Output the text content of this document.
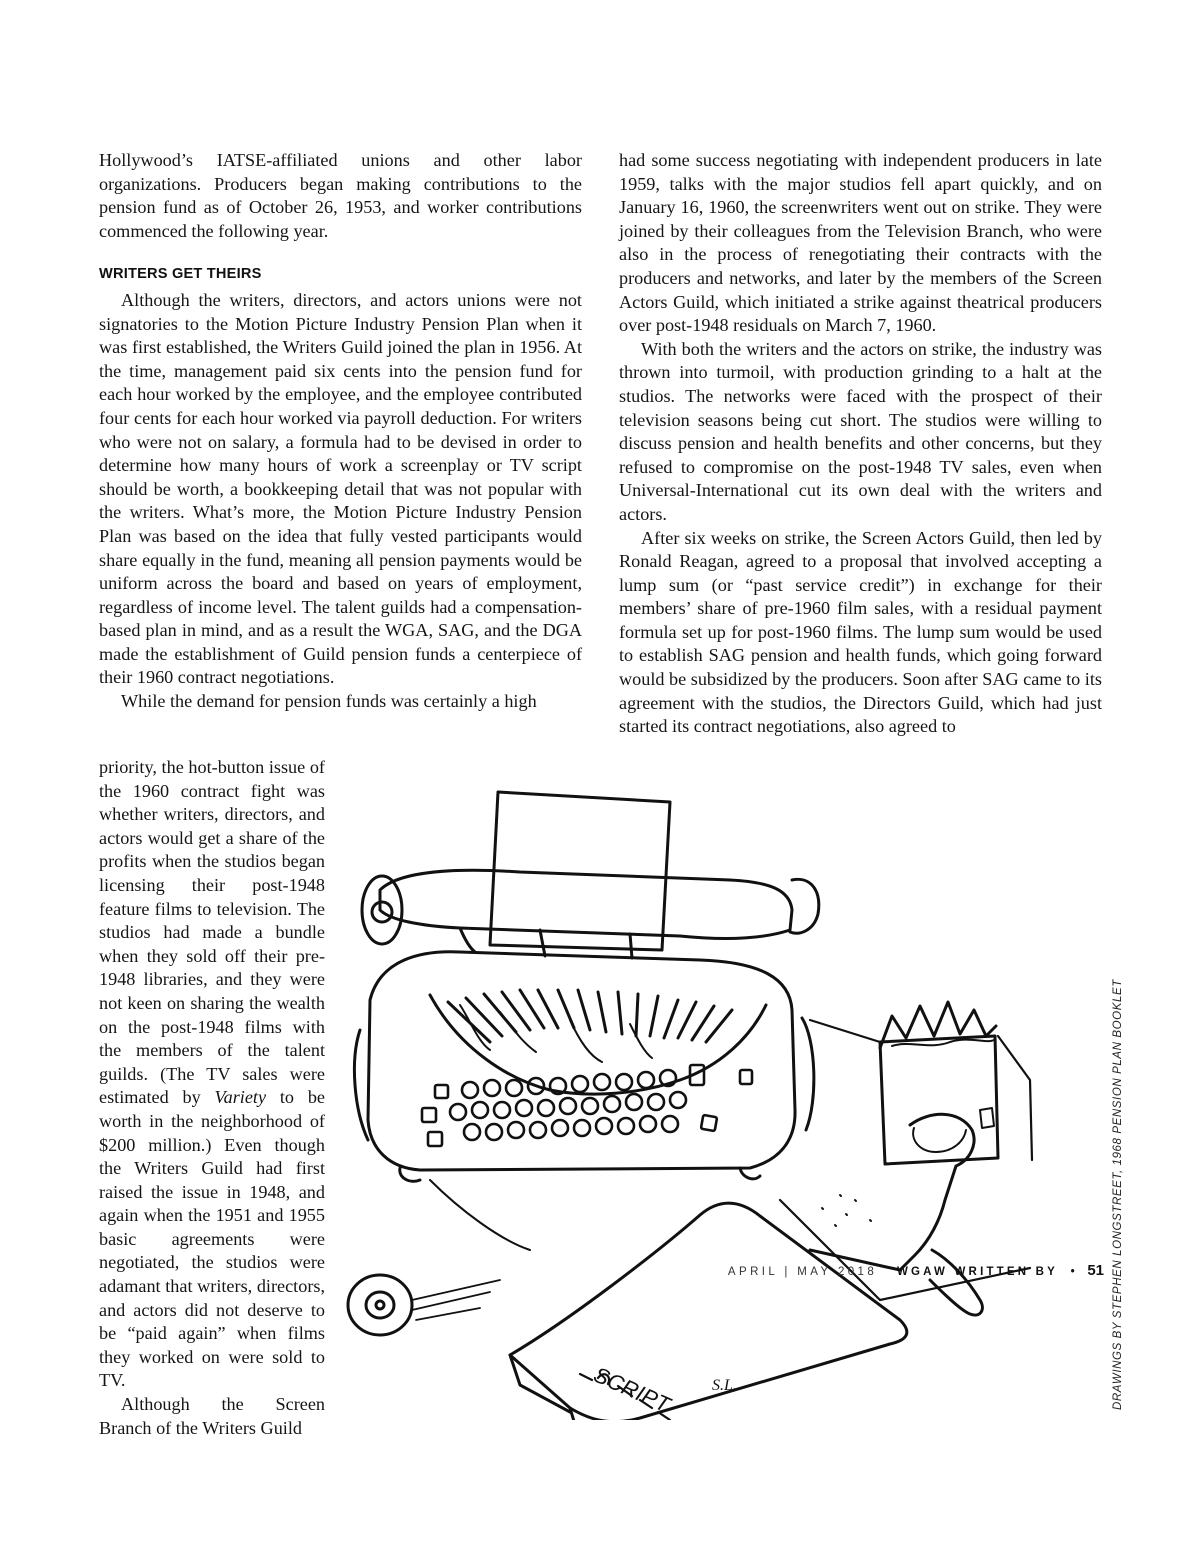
Hollywood’s IATSE-affiliated unions and other labor organizations. Producers began making contributions to the pension fund as of October 26, 1953, and worker contributions commenced the following year.

WRITERS GET THEIRS

Although the writers, directors, and actors unions were not signatories to the Motion Picture Industry Pension Plan when it was first established, the Writers Guild joined the plan in 1956. At the time, management paid six cents into the pension fund for each hour worked by the employee, and the employee contributed four cents for each hour worked via payroll deduction. For writers who were not on salary, a formula had to be devised in order to determine how many hours of work a screenplay or TV script should be worth, a bookkeeping detail that was not popular with the writers. What’s more, the Motion Picture Industry Pension Plan was based on the idea that fully vested participants would share equally in the fund, meaning all pension payments would be uniform across the board and based on years of employment, regardless of income level. The talent guilds had a compensation-based plan in mind, and as a result the WGA, SAG, and the DGA made the establishment of Guild pension funds a centerpiece of their 1960 contract negotiations.

While the demand for pension funds was certainly a high

priority, the hot-button issue of the 1960 contract fight was whether writers, directors, and actors would get a share of the profits when the studios began licensing their post-1948 feature films to television. The studios had made a bundle when they sold off their pre-1948 libraries, and they were not keen on sharing the wealth on the post-1948 films with the members of the talent guilds. (The TV sales were estimated by Variety to be worth in the neighborhood of $200 million.) Even though the Writers Guild had first raised the issue in 1948, and again when the 1951 and 1955 basic agreements were negotiated, the studios were adamant that writers, directors, and actors did not deserve to be “paid again” when films they worked on were sold to TV.

Although the Screen Branch of the Writers Guild

had some success negotiating with independent producers in late 1959, talks with the major studios fell apart quickly, and on January 16, 1960, the screenwriters went out on strike. They were joined by their colleagues from the Television Branch, who were also in the process of renegotiating their contracts with the producers and networks, and later by the members of the Screen Actors Guild, which initiated a strike against theatrical producers over post-1948 residuals on March 7, 1960.

With both the writers and the actors on strike, the industry was thrown into turmoil, with production grinding to a halt at the studios. The networks were faced with the prospect of their television seasons being cut short. The studios were willing to discuss pension and health benefits and other concerns, but they refused to compromise on the post-1948 TV sales, even when Universal-International cut its own deal with the writers and actors.

After six weeks on strike, the Screen Actors Guild, then led by Ronald Reagan, agreed to a proposal that involved accepting a lump sum (or “past service credit”) in exchange for their members’ share of pre-1960 film sales, with a residual payment formula set up for post-1960 films. The lump sum would be used to establish SAG pension and health funds, which going forward would be subsidized by the producers. Soon after SAG came to its agreement with the studios, the Directors Guild, which had just started its contract negotiations, also agreed to

SCRIPT S.L.	DRAWINGS BY STEPHEN LONGSTREET, 1968 PENSION PLAN BOOKLET
APRIL | MAY 2018 WGAW WRITTEN BY • 51
